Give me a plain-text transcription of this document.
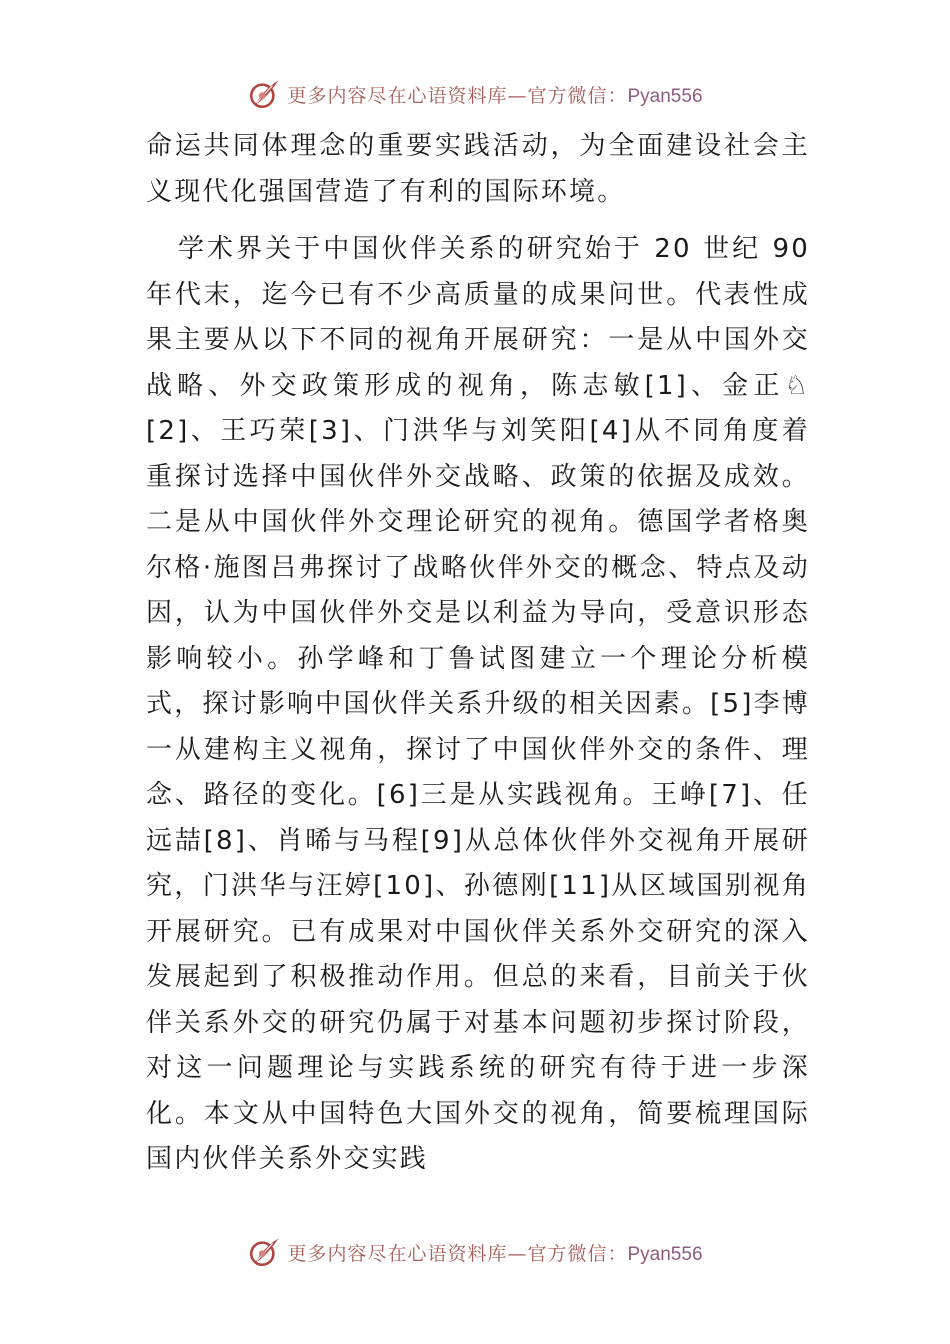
更多内容尽在心语资料库—官方微信：Pyan556

命运共同体理念的重要实践活动，为全面建设社会主义现代化强国营造了有利的国际环境。

学术界关于中国伙伴关系的研究始于 20 世纪 90 年代末，迄今已有不少高质量的成果问世。代表性成果主要从以下不同的视角开展研究：一是从中国外交战略、外交政策形成的视角，陈志敏[1]、金正♘[2]、王巧荣[3]、门洪华与刘笑阳[4]从不同角度着重探讨选择中国伙伴外交战略、政策的依据及成效。二是从中国伙伴外交理论研究的视角。德国学者格奥尔格·施图吕弗探讨了战略伙伴外交的概念、特点及动因，认为中国伙伴外交是以利益为导向，受意识形态影响较小。孙学峰和丁鲁试图建立一个理论分析模式，探讨影响中国伙伴关系升级的相关因素。[5]李博一从建构主义视角，探讨了中国伙伴外交的条件、理念、路径的变化。[6]三是从实践视角。王峥[7]、任远喆[8]、肖晞与马程[9]从总体伙伴外交视角开展研究，门洪华与汪婷[10]、孙德刚[11]从区域国别视角开展研究。已有成果对中国伙伴关系外交研究的深入发展起到了积极推动作用。但总的来看，目前关于伙伴关系外交的研究仍属于对基本问题初步探讨阶段，对这一问题理论与实践系统的研究有待于进一步深化。本文从中国特色大国外交的视角，简要梳理国际国内伙伴关系外交实践

更多内容尽在心语资料库—官方微信：Pyan556
